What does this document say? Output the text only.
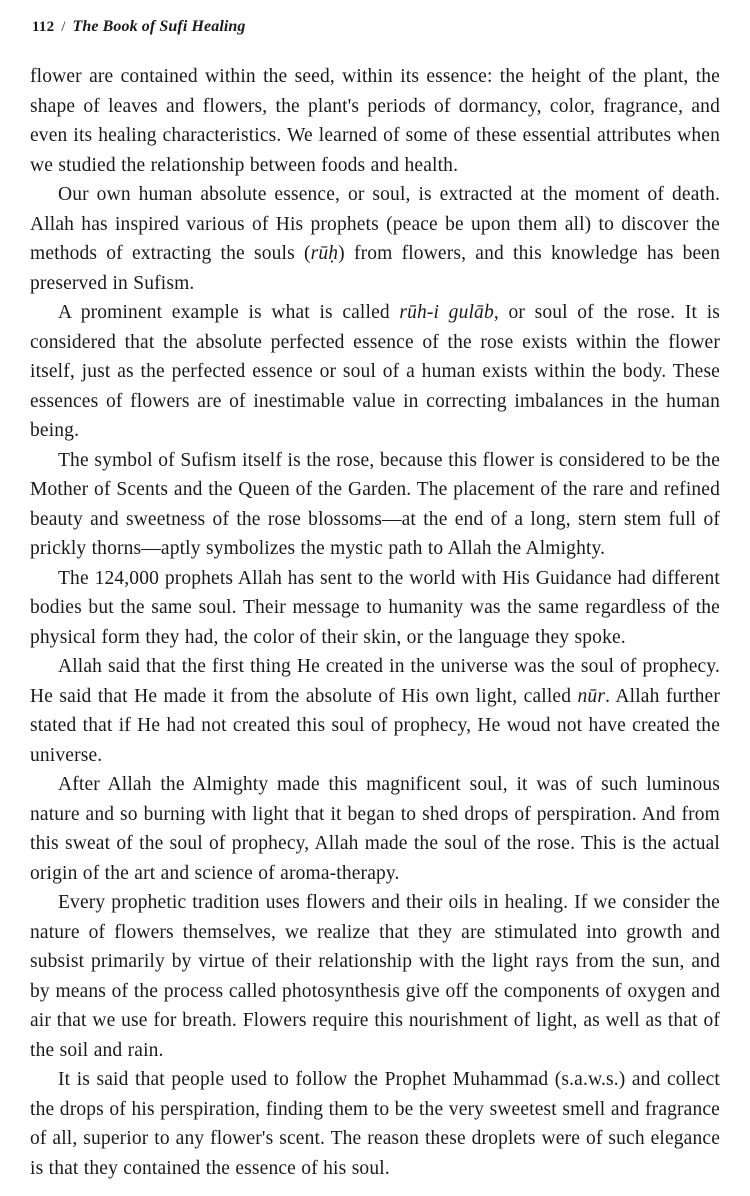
112 / The Book of Sufi Healing

flower are contained within the seed, within its essence: the height of the plant, the shape of leaves and flowers, the plant's periods of dormancy, color, fragrance, and even its healing characteristics. We learned of some of these essential attributes when we studied the relationship between foods and health.

Our own human absolute essence, or soul, is extracted at the moment of death. Allah has inspired various of His prophets (peace be upon them all) to discover the methods of extracting the souls (rūḥ) from flowers, and this knowledge has been preserved in Sufism.

A prominent example is what is called rūh-i gulāb, or soul of the rose. It is considered that the absolute perfected essence of the rose exists within the flower itself, just as the perfected essence or soul of a human exists within the body. These essences of flowers are of inestimable value in correcting imbalances in the human being.

The symbol of Sufism itself is the rose, because this flower is considered to be the Mother of Scents and the Queen of the Garden. The placement of the rare and refined beauty and sweetness of the rose blossoms—at the end of a long, stern stem full of prickly thorns—aptly symbolizes the mystic path to Allah the Almighty.

The 124,000 prophets Allah has sent to the world with His Guidance had different bodies but the same soul. Their message to humanity was the same regardless of the physical form they had, the color of their skin, or the language they spoke.

Allah said that the first thing He created in the universe was the soul of prophecy. He said that He made it from the absolute of His own light, called nūr. Allah further stated that if He had not created this soul of prophecy, He woud not have created the universe.

After Allah the Almighty made this magnificent soul, it was of such luminous nature and so burning with light that it began to shed drops of perspiration. And from this sweat of the soul of prophecy, Allah made the soul of the rose. This is the actual origin of the art and science of aroma-therapy.

Every prophetic tradition uses flowers and their oils in healing. If we consider the nature of flowers themselves, we realize that they are stimulated into growth and subsist primarily by virtue of their relationship with the light rays from the sun, and by means of the process called photosynthesis give off the components of oxygen and air that we use for breath. Flowers require this nourishment of light, as well as that of the soil and rain.

It is said that people used to follow the Prophet Muhammad (s.a.w.s.) and collect the drops of his perspiration, finding them to be the very sweetest smell and fragrance of all, superior to any flower's scent. The reason these droplets were of such elegance is that they contained the essence of his soul.
